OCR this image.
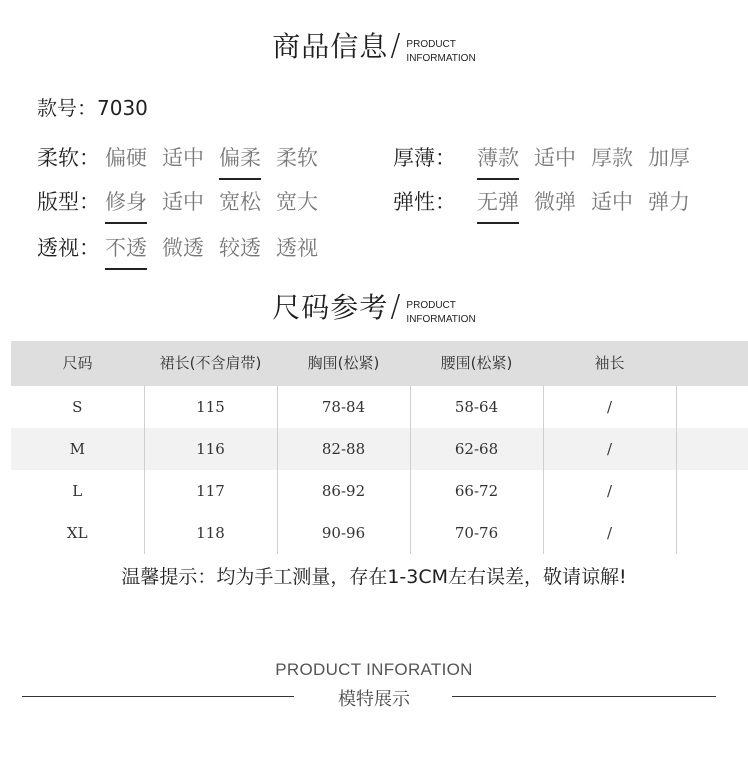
商品信息 / PRODUCT
INFORMATION
款号：7030
柔软： 偏硬 适中 偏柔 柔软	厚薄：	薄款 适中 厚款 加厚
版型： 修身 适中 宽松 宽大	弹性：	无弹 微弹 适中 弹力
透视： 不透 微透 较透 透视
尺码参考 / PRODUCT
INFORMATION
尺码	裙长(不含肩带)	胸围(松紧)	腰围(松紧)	袖长	
S	115	78-84	58-64	/	
M	116	82-88	62-68	/	
L	117	86-92	66-72	/	
XL	118	90-96	70-76	/	
温馨提示：均为手工测量，存在1-3CM左右误差，敬请谅解!
PRODUCT INFORATION
模特展示
